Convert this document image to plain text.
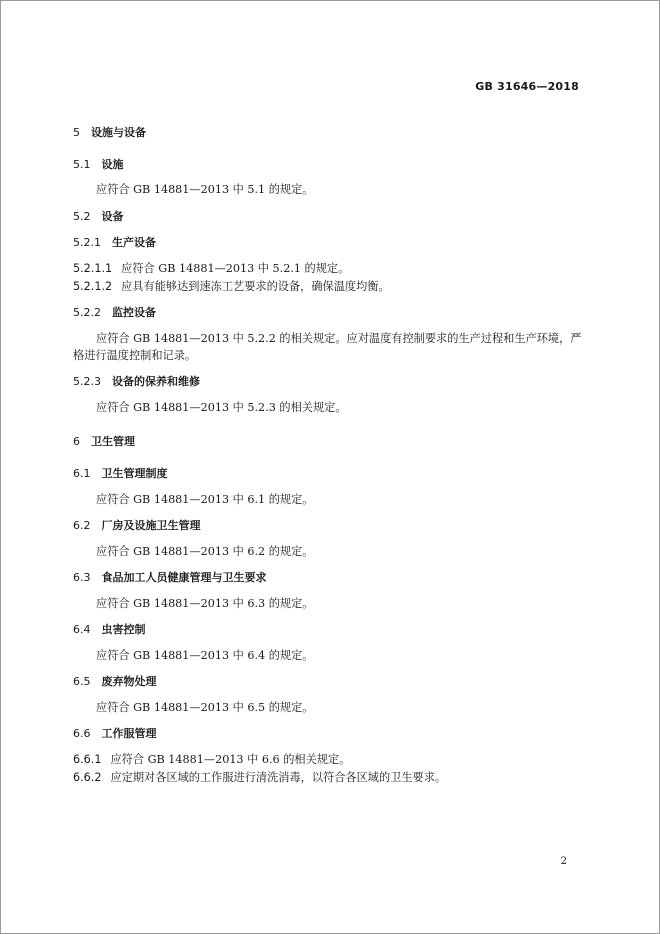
GB 31646—2018
5 设施与设备
5.1 设施
应符合 GB 14881—2013 中 5.1 的规定。
5.2 设备
5.2.1 生产设备
5.2.1.1 应符合 GB 14881—2013 中 5.2.1 的规定。
5.2.1.2 应具有能够达到速冻工艺要求的设备，确保温度均衡。
5.2.2 监控设备
应符合 GB 14881—2013 中 5.2.2 的相关规定。应对温度有控制要求的生产过程和生产环境，严
格进行温度控制和记录。
5.2.3 设备的保养和维修
应符合 GB 14881—2013 中 5.2.3 的相关规定。
6 卫生管理
6.1 卫生管理制度
应符合 GB 14881—2013 中 6.1 的规定。
6.2 厂房及设施卫生管理
应符合 GB 14881—2013 中 6.2 的规定。
6.3 食品加工人员健康管理与卫生要求
应符合 GB 14881—2013 中 6.3 的规定。
6.4 虫害控制
应符合 GB 14881—2013 中 6.4 的规定。
6.5 废弃物处理
应符合 GB 14881—2013 中 6.5 的规定。
6.6 工作服管理
6.6.1 应符合 GB 14881—2013 中 6.6 的相关规定。
6.6.2 应定期对各区域的工作服进行清洗消毒，以符合各区域的卫生要求。
2
